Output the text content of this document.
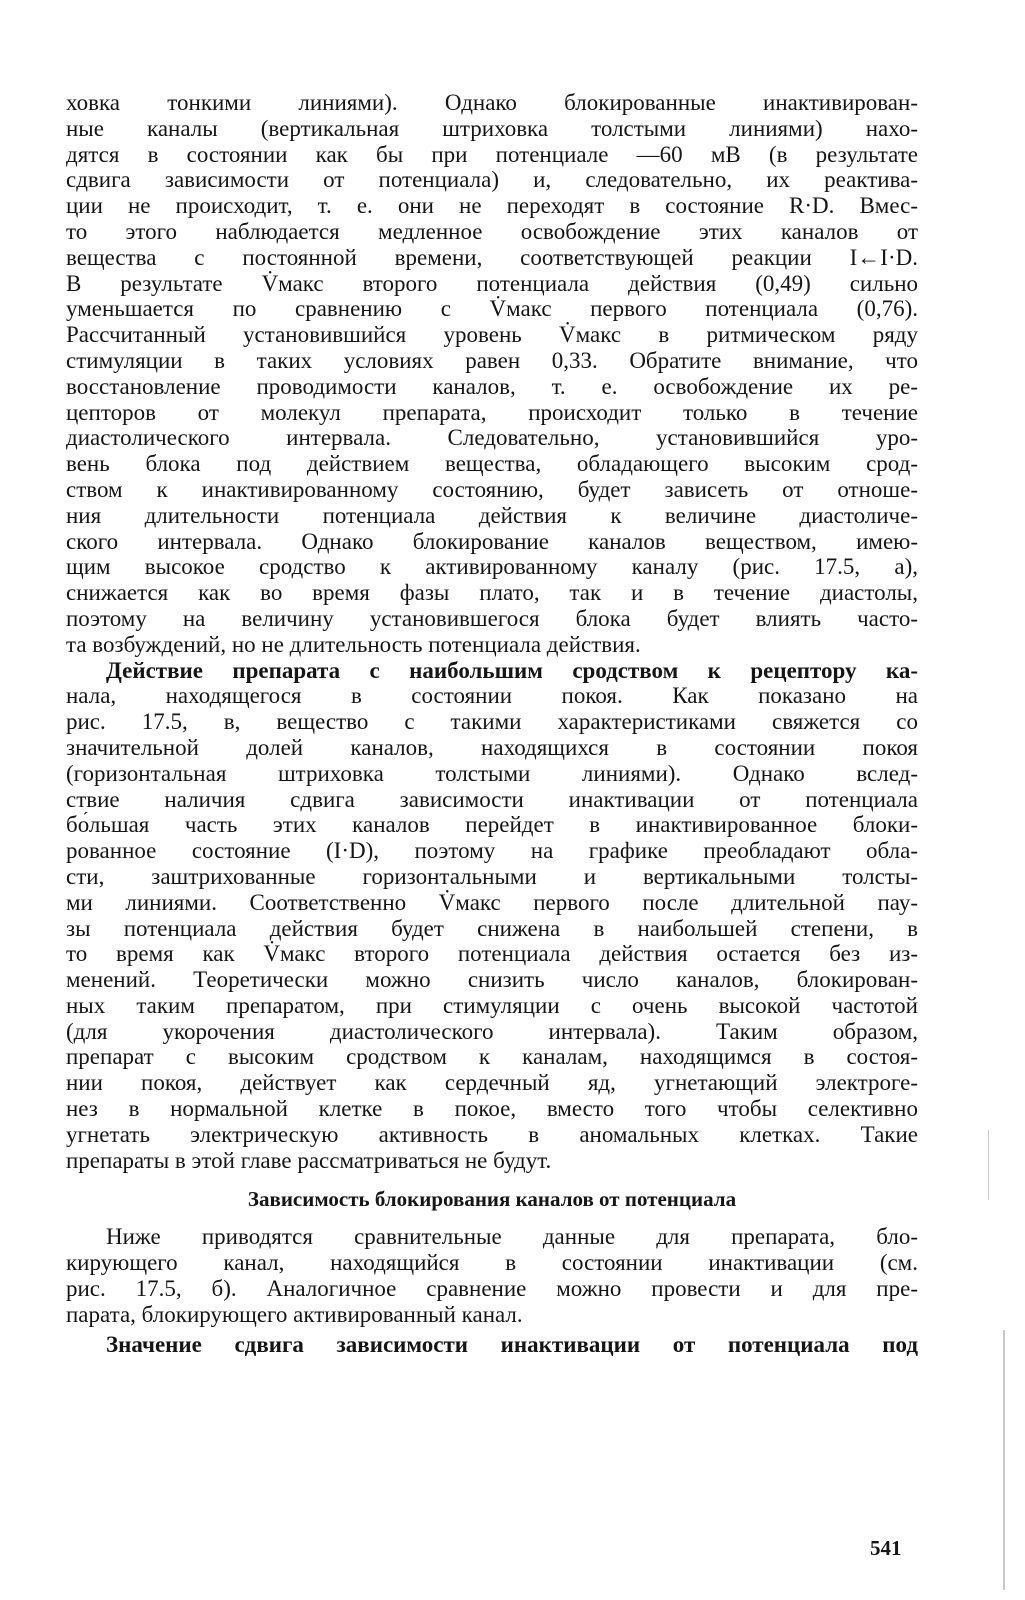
ховка тонкими линиями). Однако блокированные инактивирован-
ные каналы (вертикальная штриховка толстыми линиями) нахо-
дятся в состоянии как бы при потенциале —60 мВ (в результате
сдвига зависимости от потенциала) и, следовательно, их реактива-
ции не происходит, т. е. они не переходят в состояние R·D. Вмес-
то этого наблюдается медленное освобождение этих каналов от
вещества с постоянной времени, соответствующей реакции I←I·D.
В результате V̇макс второго потенциала действия (0,49) сильно
уменьшается по сравнению с V̇макс первого потенциала (0,76).
Рассчитанный установившийся уровень V̇макс в ритмическом ряду
стимуляции в таких условиях равен 0,33. Обратите внимание, что
восстановление проводимости каналов, т. е. освобождение их ре-
цепторов от молекул препарата, происходит только в течение
диастолического интервала. Следовательно, установившийся уро-
вень блока под действием вещества, обладающего высоким срод-
ством к инактивированному состоянию, будет зависеть от отноше-
ния длительности потенциала действия к величине диастоличе-
ского интервала. Однако блокирование каналов веществом, имею-
щим высокое сродство к активированному каналу (рис. 17.5, а),
снижается как во время фазы плато, так и в течение диастолы,
поэтому на величину установившегося блока будет влиять часто-
та возбуждений, но не длительность потенциала действия.
Действие препарата с наибольшим сродством к рецептору ка-
нала, находящегося в состоянии покоя. Как показано на
рис. 17.5, в, вещество с такими характеристиками свяжется со
значительной долей каналов, находящихся в состоянии покоя
(горизонтальная штриховка толстыми линиями). Однако вслед-
ствие наличия сдвига зависимости инактивации от потенциала
бо́льшая часть этих каналов перейдет в инактивированное блоки-
рованное состояние (I·D), поэтому на графике преобладают обла-
сти, заштрихованные горизонтальными и вертикальными толсты-
ми линиями. Соответственно V̇макс первого после длительной пау-
зы потенциала действия будет снижена в наибольшей степени, в
то время как V̇макс второго потенциала действия остается без из-
менений. Теоретически можно снизить число каналов, блокирован-
ных таким препаратом, при стимуляции с очень высокой частотой
(для укорочения диастолического интервала). Таким образом,
препарат с высоким сродством к каналам, находящимся в состоя-
нии покоя, действует как сердечный яд, угнетающий электроге-
нез в нормальной клетке в покое, вместо того чтобы селективно
угнетать электрическую активность в аномальных клетках. Такие
препараты в этой главе рассматриваться не будут.
Зависимость блокирования каналов от потенциала
Ниже приводятся сравнительные данные для препарата, бло-
кирующего канал, находящийся в состоянии инактивации (см.
рис. 17.5, б). Аналогичное сравнение можно провести и для пре-
парата, блокирующего активированный канал.
Значение сдвига зависимости инактивации от потенциала под
541
